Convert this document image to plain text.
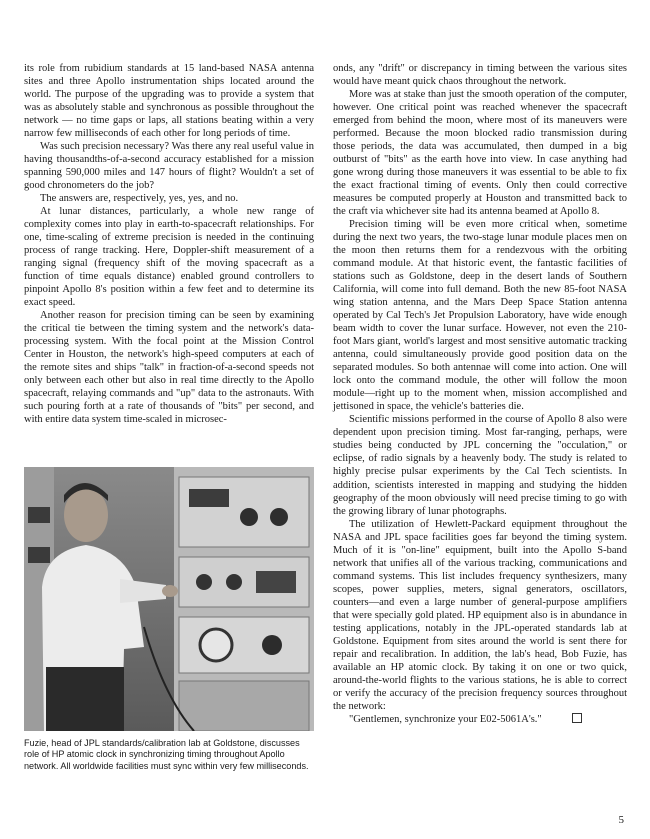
its role from rubidium standards at 15 land-based NASA antenna sites and three Apollo instrumentation ships located around the world. The purpose of the upgrading was to provide a system that was as absolutely stable and synchronous as possible throughout the network — no time gaps or laps, all stations beating within a very narrow few milliseconds of each other for long periods of time.

Was such precision necessary? Was there any real useful value in having thousandths-of-a-second accuracy established for a mission spanning 590,000 miles and 147 hours of flight? Wouldn't a set of good chronometers do the job?

The answers are, respectively, yes, yes, and no.

At lunar distances, particularly, a whole new range of complexity comes into play in earth-to-spacecraft relationships. For one, time-scaling of extreme precision is needed in the continuing process of range tracking. Here, Doppler-shift measurement of a ranging signal (frequency shift of the moving spacecraft as a function of time equals distance) enabled ground controllers to pinpoint Apollo 8's position within a few feet and to determine its exact speed.

Another reason for precision timing can be seen by examining the critical tie between the timing system and the network's data-processing system. With the focal point at the Mission Control Center in Houston, the network's high-speed computers at each of the remote sites and ships "talk" in fraction-of-a-second speeds not only between each other but also in real time directly to the Apollo spacecraft, relaying commands and "up" data to the astronauts. With such pouring forth at a rate of thousands of "bits" per second, and with entire data system time-scaled in microsec-

Fuzie, head of JPL standards/calibration lab at Goldstone, discusses role of HP atomic clock in synchronizing timing throughout Apollo network. All worldwide facilities must sync within very few milliseconds.

onds, any "drift" or discrepancy in timing between the various sites would have meant quick chaos throughout the network.

More was at stake than just the smooth operation of the computer, however. One critical point was reached whenever the spacecraft emerged from behind the moon, where most of its maneuvers were performed. Because the moon blocked radio transmission during those periods, the data was accumulated, then dumped in a big outburst of "bits" as the earth hove into view. In case anything had gone wrong during those maneuvers it was essential to be able to fix the exact fractional timing of events. Only then could corrective measures be computed properly at Houston and transmitted back to the craft via whichever site had its antenna beamed at Apollo 8.

Precision timing will be even more critical when, sometime during the next two years, the two-stage lunar module places men on the moon then returns them for a rendezvous with the orbiting command module. At that historic event, the fantastic facilities of stations such as Goldstone, deep in the desert lands of Southern California, will come into full demand. Both the new 85-foot NASA wing station antenna, and the Mars Deep Space Station antenna operated by Cal Tech's Jet Propulsion Laboratory, have wide enough beam width to cover the lunar surface. However, not even the 210-foot Mars giant, world's largest and most sensitive automatic tracking antenna, could simultaneously provide good position data on the separated modules. So both antennae will come into action. One will lock onto the command module, the other will follow the moon module—right up to the moment when, mission accomplished and jettisoned in space, the vehicle's batteries die.

Scientific missions performed in the course of Apollo 8 also were dependent upon precision timing. Most far-ranging, perhaps, were studies being conducted by JPL concerning the "occulation," or eclipse, of radio signals by a heavenly body. The study is related to highly precise pulsar experiments by the Cal Tech scientists. In addition, scientists interested in mapping and studying the hidden geography of the moon obviously will need precise timing to go with the growing library of lunar photographs.

The utilization of Hewlett-Packard equipment throughout the NASA and JPL space facilities goes far beyond the timing system. Much of it is "on-line" equipment, built into the Apollo S-band network that unifies all of the various tracking, communications and command systems. This list includes frequency synthesizers, many scopes, power supplies, meters, signal generators, oscillators, counters—and even a large number of general-purpose amplifiers that were specially gold plated. HP equipment also is in abundance in testing applications, notably in the JPL-operated standards lab at Goldstone. Equipment from sites around the world is sent there for repair and recalibration. In addition, the lab's head, Bob Fuzie, has available an HP atomic clock. By taking it on one or two quick, around-the-world flights to the various stations, he is able to correct or verify the accuracy of the precision frequency sources throughout the network:

"Gentlemen, synchronize your E02-5061A's."

5
